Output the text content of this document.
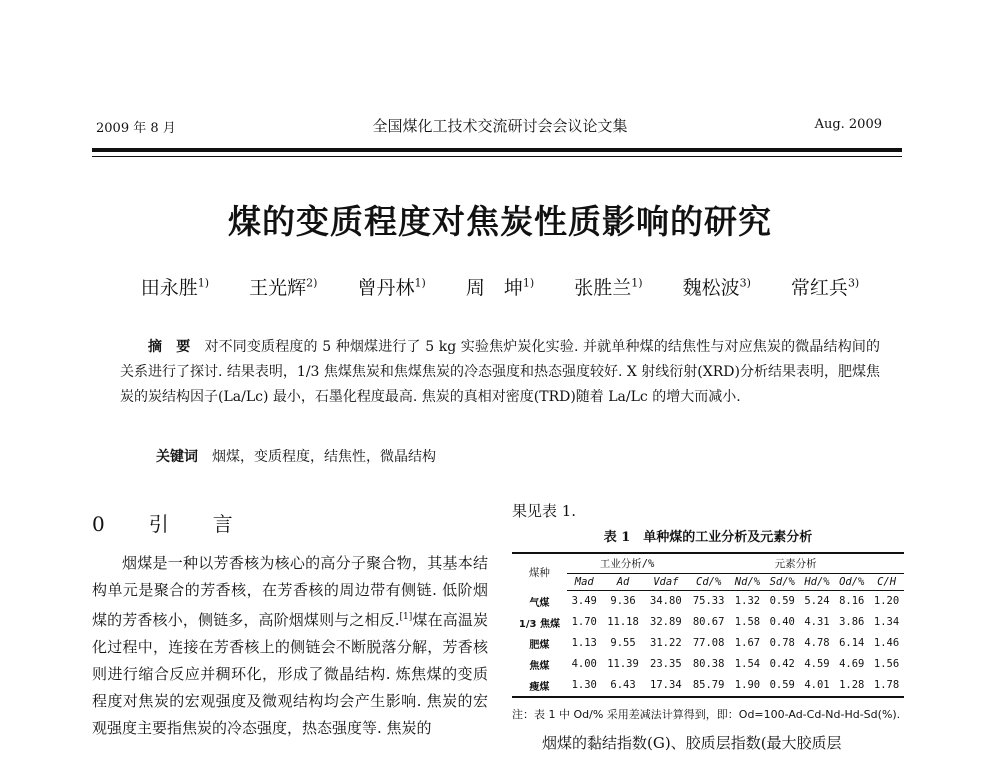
2009 年 8 月	全国煤化工技术交流研讨会会议论文集	Aug. 2009
煤的变质程度对焦炭性质影响的研究
田永胜$^{1)}$ 王光辉$^{2)}$ 曾丹林$^{1)}$ 周　坤$^{1)}$ 张胜兰$^{1)}$ 魏松波$^{3)}$ 常红兵$^{3)}$

摘　要 对不同变质程度的 5 种烟煤进行了 5 kg 实验焦炉炭化实验. 并就单种煤的结焦性与对应焦炭的微晶结构间的关系进行了探讨. 结果表明，1/3 焦煤焦炭和焦煤焦炭的冷态强度和热态强度较好. X 射线衍射(XRD)分析结果表明，肥煤焦炭的炭结构因子(La/Lc) 最小，石墨化程度最高. 焦炭的真相对密度(TRD)随着 La/Lc 的增大而减小.

关键词 烟煤，变质程度，结焦性，微晶结构
0　引　言

烟煤是一种以芳香核为核心的高分子聚合物，其基本结构单元是聚合的芳香核，在芳香核的周边带有侧链. 低阶烟煤的芳香核小，侧链多，高阶烟煤则与之相反.[1]煤在高温炭化过程中，连接在芳香核上的侧链会不断脱落分解，芳香核则进行缩合反应并稠环化，形成了微晶结构. 炼焦煤的变质程度对焦炭的宏观强度及微观结构均会产生影响. 焦炭的宏观强度主要指焦炭的冷态强度，热态强度等. 焦炭的

果见表 1.
表 1　单种煤的工业分析及元素分析
煤种	工业分析/%			元素分析					
	Mad	Ad	Vdaf	Cd/%	Nd/%	Sd/%	Hd/%	Od/%	C/H
气煤	3.49	9.36	34.80	75.33	1.32	0.59	5.24	8.16	1.20
1/3 焦煤	1.70	11.18	32.89	80.67	1.58	0.40	4.31	3.86	1.34
肥煤	1.13	9.55	31.22	77.08	1.67	0.78	4.78	6.14	1.46
焦煤	4.00	11.39	23.35	80.38	1.54	0.42	4.59	4.69	1.56
瘦煤	1.30	6.43	17.34	85.79	1.90	0.59	4.01	1.28	1.78
注：表 1 中 Od/% 采用差减法计算得到，即：Od=100-Ad-Cd-Nd-Hd-Sd(%).
烟煤的黏结指数(G)、胶质层指数(最大胶质层
